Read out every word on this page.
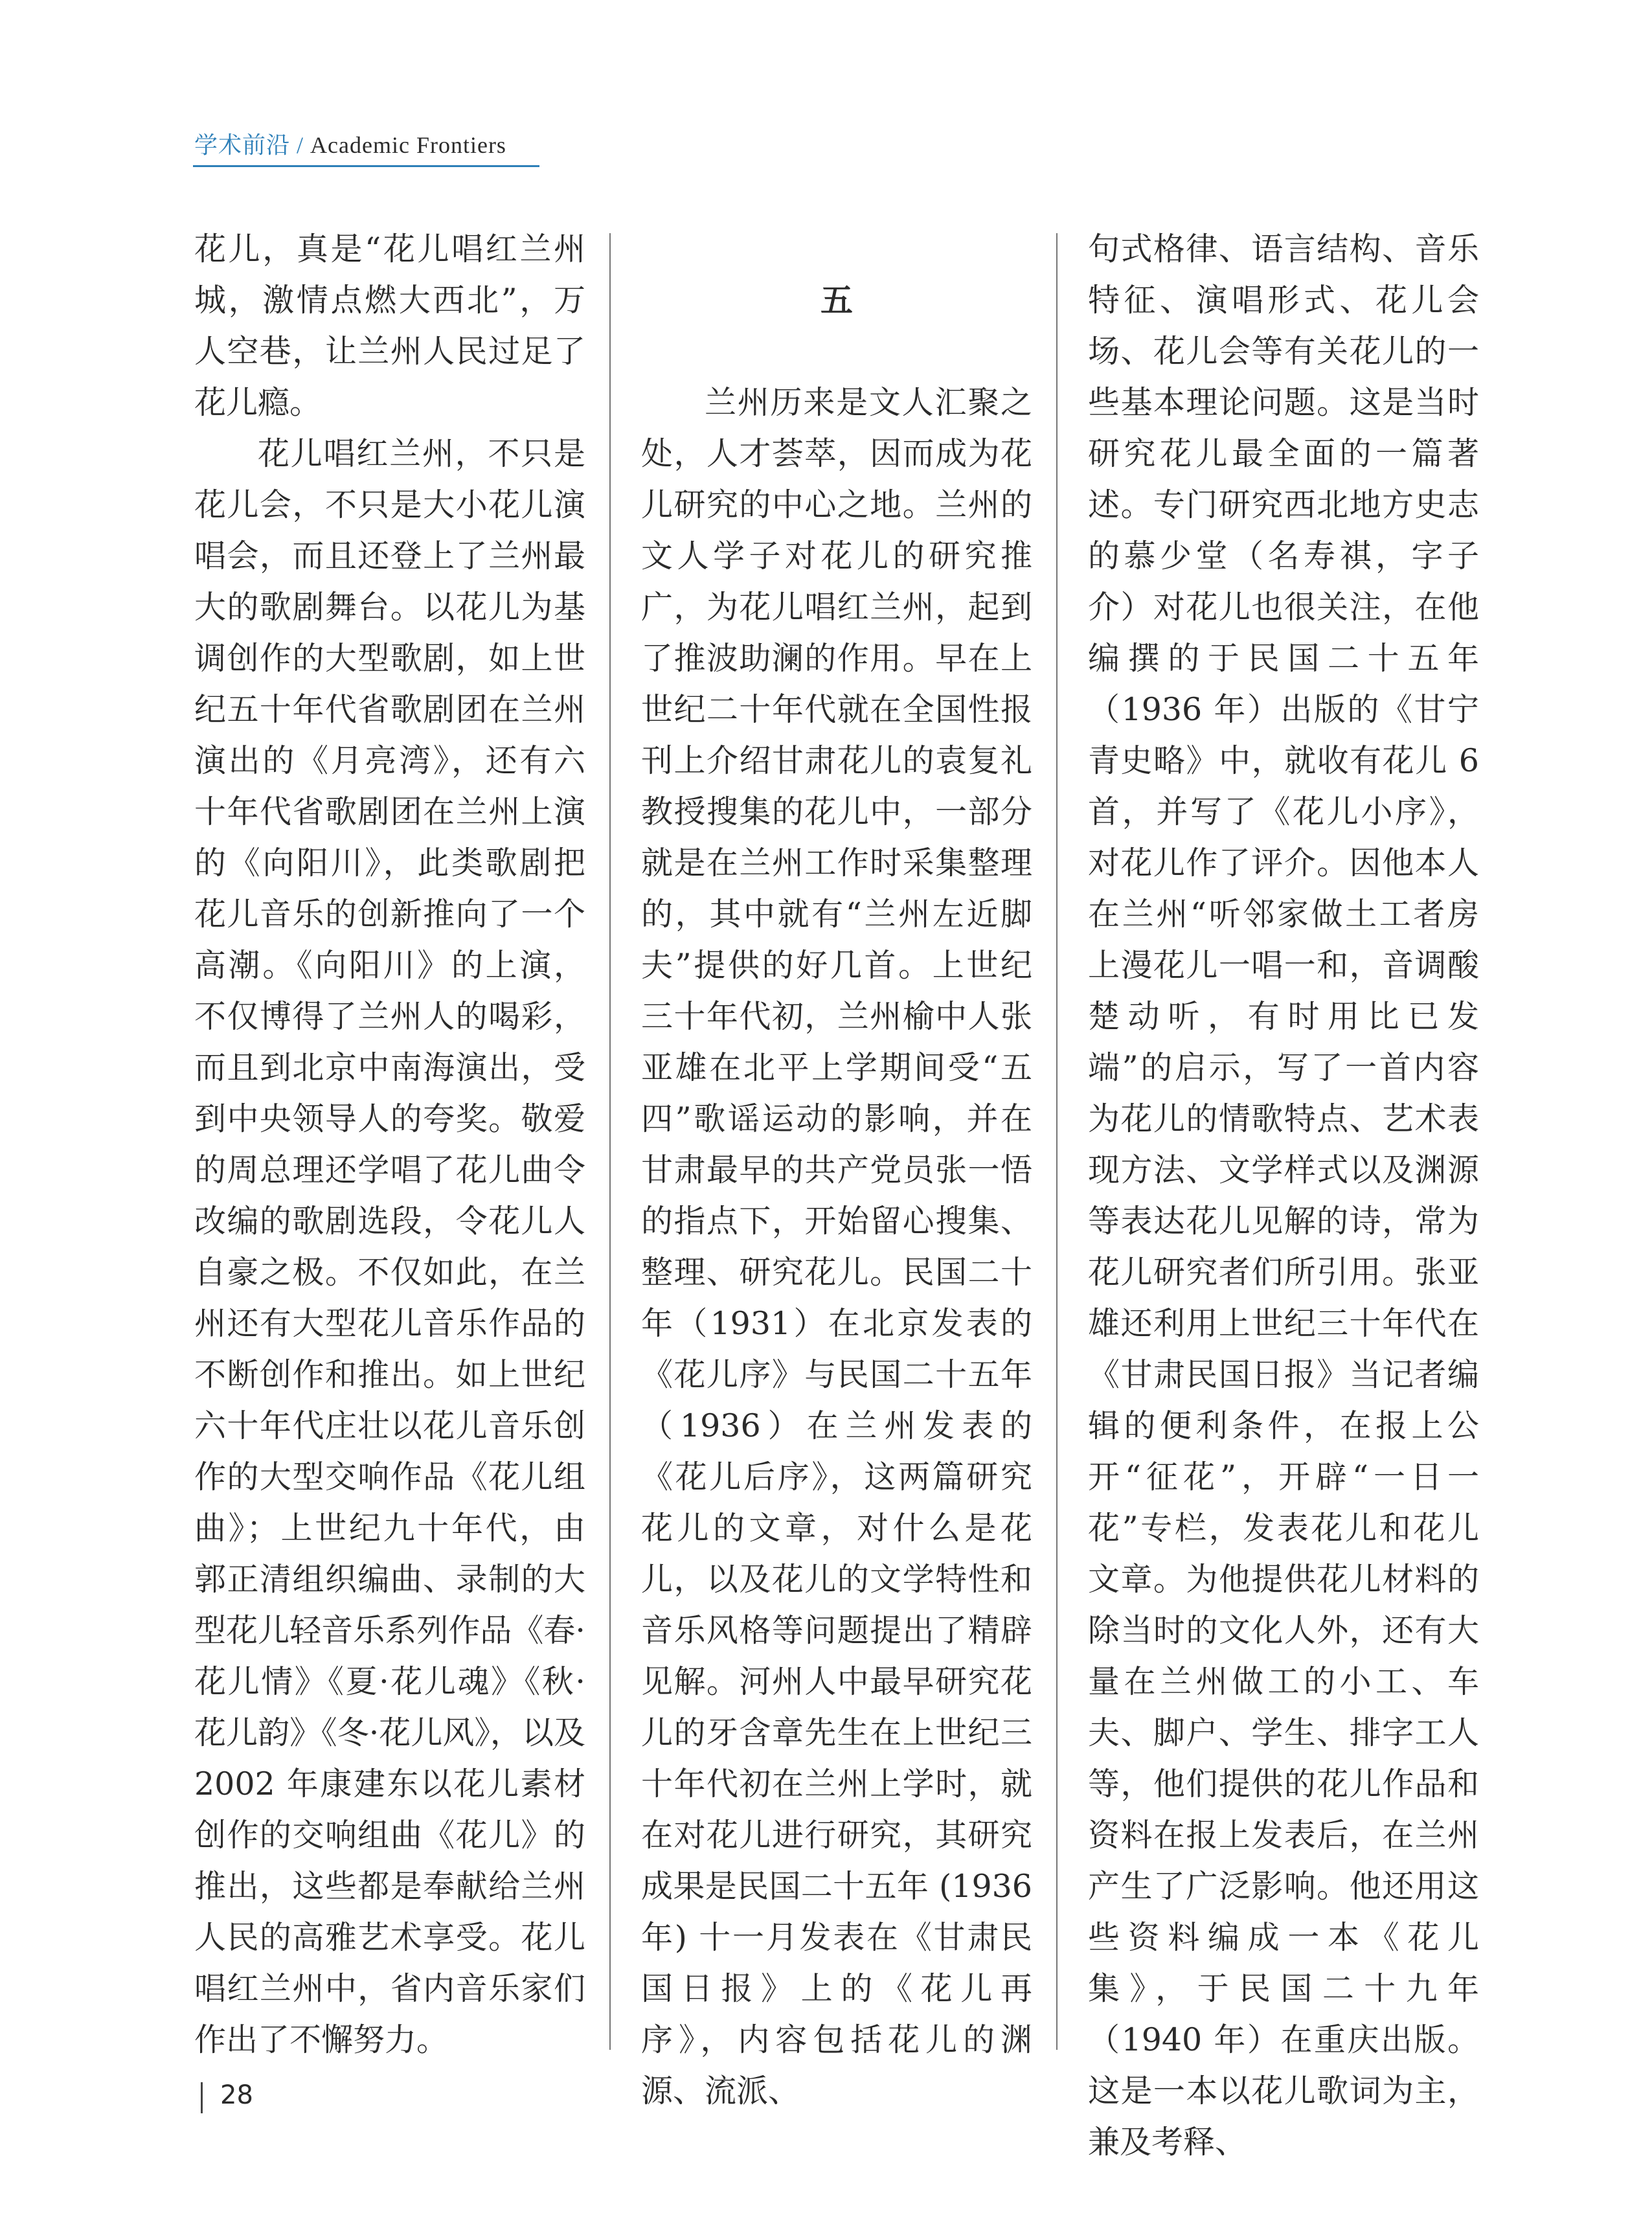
学术前沿 / Academic Frontiers

花儿，真是“花儿唱红兰州城，激情点燃大西北”，万人空巷，让兰州人民过足了花儿瘾。

花儿唱红兰州，不只是花儿会，不只是大小花儿演唱会，而且还登上了兰州最大的歌剧舞台。以花儿为基调创作的大型歌剧，如上世纪五十年代省歌剧团在兰州演出的《月亮湾》，还有六十年代省歌剧团在兰州上演的《向阳川》，此类歌剧把花儿音乐的创新推向了一个高潮。《向阳川》的上演，不仅博得了兰州人的喝彩，而且到北京中南海演出，受到中央领导人的夸奖。敬爱的周总理还学唱了花儿曲令改编的歌剧选段，令花儿人自豪之极。不仅如此，在兰州还有大型花儿音乐作品的不断创作和推出。如上世纪六十年代庄壮以花儿音乐创作的大型交响作品《花儿组曲》；上世纪九十年代，由郭正清组织编曲、录制的大型花儿轻音乐系列作品《春·花儿情》《夏·花儿魂》《秋·花儿韵》《冬·花儿风》，以及 2002 年康建东以花儿素材创作的交响组曲《花儿》的推出，这些都是奉献给兰州人民的高雅艺术享受。花儿唱红兰州中，省内音乐家们作出了不懈努力。

五

兰州历来是文人汇聚之处，人才荟萃，因而成为花儿研究的中心之地。兰州的文人学子对花儿的研究推广，为花儿唱红兰州，起到了推波助澜的作用。早在上世纪二十年代就在全国性报刊上介绍甘肃花儿的袁复礼教授搜集的花儿中，一部分就是在兰州工作时采集整理的，其中就有“兰州左近脚夫”提供的好几首。上世纪三十年代初，兰州榆中人张亚雄在北平上学期间受“五四”歌谣运动的影响，并在甘肃最早的共产党员张一悟的指点下，开始留心搜集、整理、研究花儿。民国二十年（1931）在北京发表的《花儿序》与民国二十五年（1936）在兰州发表的《花儿后序》，这两篇研究花儿的文章，对什么是花儿，以及花儿的文学特性和音乐风格等问题提出了精辟见解。河州人中最早研究花儿的牙含章先生在上世纪三十年代初在兰州上学时，就在对花儿进行研究，其研究成果是民国二十五年 (1936 年) 十一月发表在《甘肃民国日报》上的《花儿再序》，内容包括花儿的渊源、流派、

句式格律、语言结构、音乐特征、演唱形式、花儿会场、花儿会等有关花儿的一些基本理论问题。这是当时研究花儿最全面的一篇著述。专门研究西北地方史志的慕少堂（名寿祺，字子介）对花儿也很关注，在他编撰的于民国二十五年（1936 年）出版的《甘宁青史略》中，就收有花儿 6 首，并写了《花儿小序》，对花儿作了评介。因他本人在兰州“听邻家做土工者房上漫花儿一唱一和，音调酸楚动听，有时用比已发端”的启示，写了一首内容为花儿的情歌特点、艺术表现方法、文学样式以及渊源等表达花儿见解的诗，常为花儿研究者们所引用。张亚雄还利用上世纪三十年代在《甘肃民国日报》当记者编辑的便利条件，在报上公开“征花”，开辟“一日一花”专栏，发表花儿和花儿文章。为他提供花儿材料的除当时的文化人外，还有大量在兰州做工的小工、车夫、脚户、学生、排字工人等，他们提供的花儿作品和资料在报上发表后，在兰州产生了广泛影响。他还用这些资料编成一本《花儿集》，于民国二十九年（1940 年）在重庆出版。这是一本以花儿歌词为主，兼及考释、

28
